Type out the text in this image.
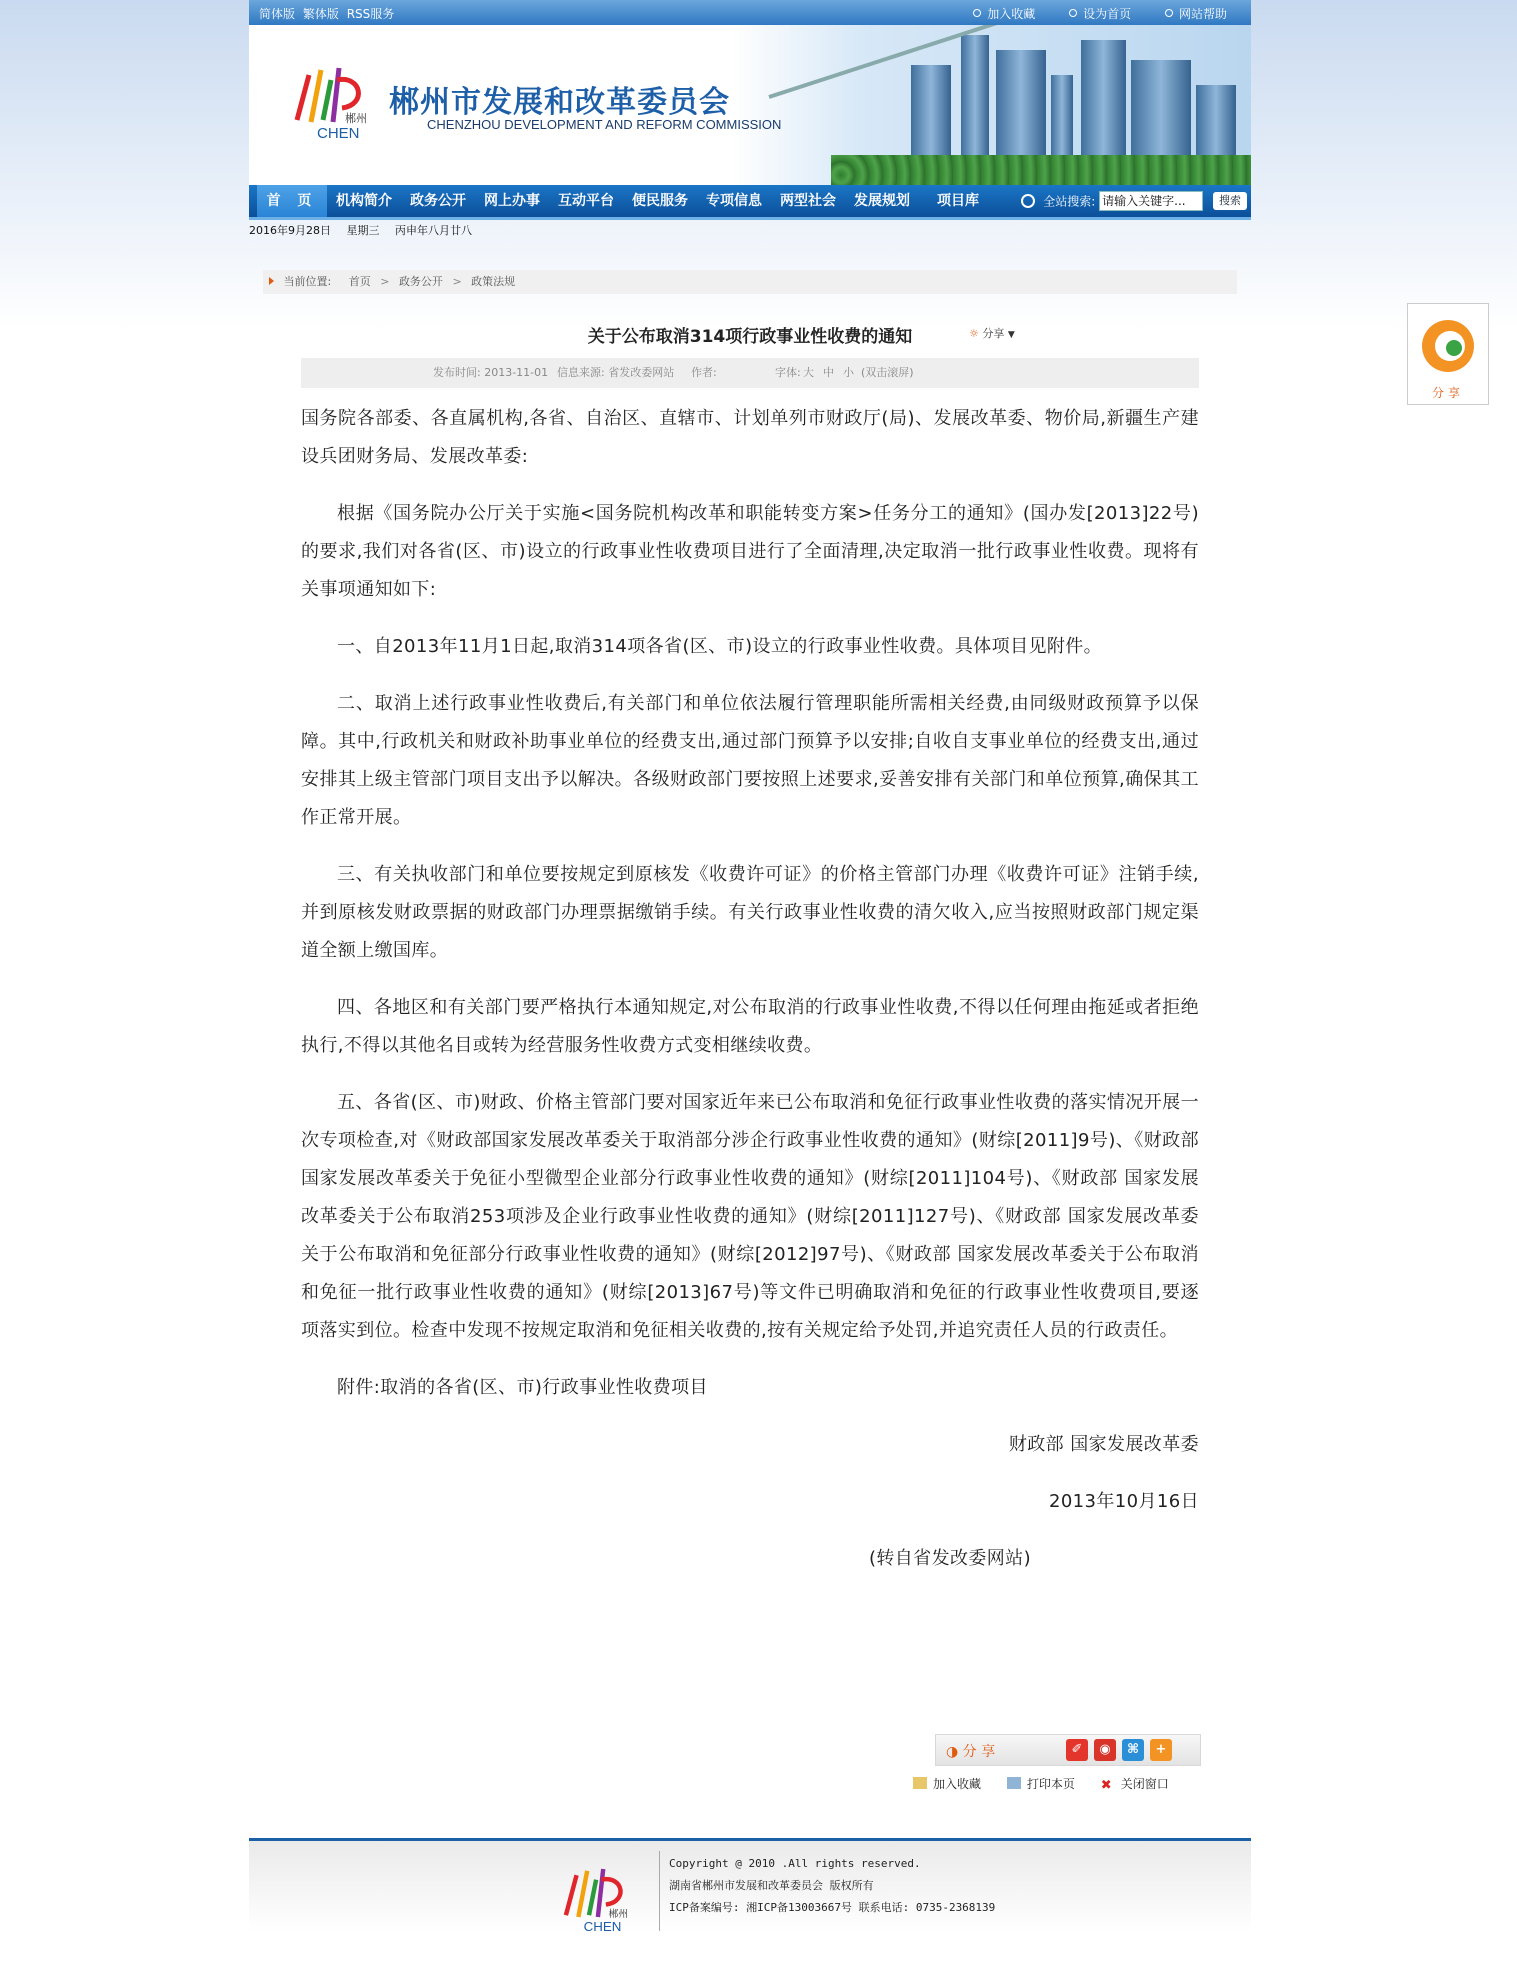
简体版 繁体版 RSS服务	加入收藏	设为首页	网站帮助
郴州
CHEN
郴州市发展和改革委员会
CHENZHOU DEVELOPMENT AND REFORM COMMISSION
首 页	机构简介 政务公开 网上办事 互动平台 便民服务 专项信息 两型社会 发展规划 项目库	全站搜索: 请输入关键字...	搜索
2016年9月28日 星期三 丙申年八月廿八
当前位置: 首页 > 政务公开 > 政策法规
关于公布取消314项行政事业性收费的通知	☼ 分享 ▼
发布时间: 2013-11-01 信息来源: 省发改委网站 作者:	字体: 大 中 小 (双击滚屏)

国务院各部委、各直属机构,各省、自治区、直辖市、计划单列市财政厅(局)、发展改革委、物价局,新疆生产建设兵团财务局、发展改革委:

根据《国务院办公厅关于实施<国务院机构改革和职能转变方案>任务分工的通知》(国办发[2013]22号)的要求,我们对各省(区、市)设立的行政事业性收费项目进行了全面清理,决定取消一批行政事业性收费。现将有关事项通知如下:

一、自2013年11月1日起,取消314项各省(区、市)设立的行政事业性收费。具体项目见附件。

二、取消上述行政事业性收费后,有关部门和单位依法履行管理职能所需相关经费,由同级财政预算予以保障。其中,行政机关和财政补助事业单位的经费支出,通过部门预算予以安排;自收自支事业单位的经费支出,通过安排其上级主管部门项目支出予以解决。各级财政部门要按照上述要求,妥善安排有关部门和单位预算,确保其工作正常开展。

三、有关执收部门和单位要按规定到原核发《收费许可证》的价格主管部门办理《收费许可证》注销手续,并到原核发财政票据的财政部门办理票据缴销手续。有关行政事业性收费的清欠收入,应当按照财政部门规定渠道全额上缴国库。

四、各地区和有关部门要严格执行本通知规定,对公布取消的行政事业性收费,不得以任何理由拖延或者拒绝执行,不得以其他名目或转为经营服务性收费方式变相继续收费。

五、各省(区、市)财政、价格主管部门要对国家近年来已公布取消和免征行政事业性收费的落实情况开展一次专项检查,对《财政部国家发展改革委关于取消部分涉企行政事业性收费的通知》(财综[2011]9号)、《财政部 国家发展改革委关于免征小型微型企业部分行政事业性收费的通知》(财综[2011]104号)、《财政部 国家发展改革委关于公布取消253项涉及企业行政事业性收费的通知》(财综[2011]127号)、《财政部 国家发展改革委关于公布取消和免征部分行政事业性收费的通知》(财综[2012]97号)、《财政部 国家发展改革委关于公布取消和免征一批行政事业性收费的通知》(财综[2013]67号)等文件已明确取消和免征的行政事业性收费项目,要逐项落实到位。检查中发现不按规定取消和免征相关收费的,按有关规定给予处罚,并追究责任人员的行政责任。

附件:取消的各省(区、市)行政事业性收费项目

财政部 国家发展改革委

2013年10月16日

(转自省发改委网站)

◑ 分 享	✐	◉	⌘	+
加入收藏	打印本页 ✖ 关闭窗口
郴州
CHEN
Copyright @ 2010 .All rights reserved.
湖南省郴州市发展和改革委员会 版权所有
ICP备案编号: 湘ICP备13003667号 联系电话: 0735-2368139
分享
